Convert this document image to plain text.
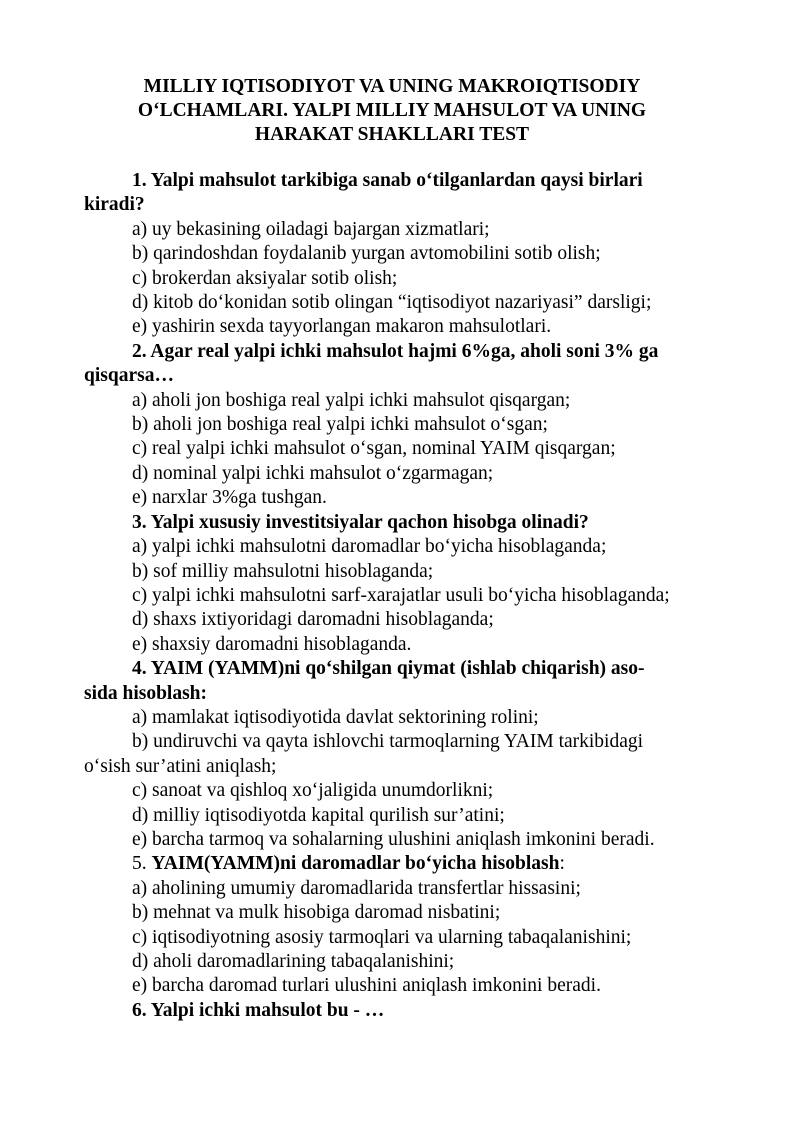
MILLIY IQTISODIYOT VA UNING MAKROIQTISODIY
O‘LCHAMLARI. YALPI MILLIY MAHSULOT VA UNING
HARAKAT SHAKLLARI TEST
1. Yalpi mahsulot tarkibiga sanab o‘tilganlardan qaysi birlari
kiradi?
a) uy bekasining oiladagi bajargan xizmatlari;
b) qarindoshdan foydalanib yurgan avtomobilini sotib olish;
c) brokerdan aksiyalar sotib olish;
d) kitob do‘konidan sotib olingan “iqtisodiyot nazariyasi” darsligi;
e) yashirin sexda tayyorlangan makaron mahsulotlari.
2. Agar real yalpi ichki mahsulot hajmi 6%ga, aholi soni 3% ga
qisqarsa…
a) aholi jon boshiga real yalpi ichki mahsulot qisqargan;
b) aholi jon boshiga real yalpi ichki mahsulot o‘sgan;
c) real yalpi ichki mahsulot o‘sgan, nominal YAIM qisqargan;
d) nominal yalpi ichki mahsulot o‘zgarmagan;
e) narxlar 3%ga tushgan.
3. Yalpi xususiy investitsiyalar qachon hisobga olinadi?
a) yalpi ichki mahsulotni daromadlar bo‘yicha hisoblaganda;
b) sof milliy mahsulotni hisoblaganda;
c) yalpi ichki mahsulotni sarf-xarajatlar usuli bo‘yicha hisoblaganda;
d) shaxs ixtiyoridagi daromadni hisoblaganda;
e) shaxsiy daromadni hisoblaganda.
4. YAIM (YAMM)ni qo‘shilgan qiymat (ishlab chiqarish) aso-
sida hisoblash:
a) mamlakat iqtisodiyotida davlat sektorining rolini;
b) undiruvchi va qayta ishlovchi tarmoqlarning YAIM tarkibidagi
o‘sish sur’atini aniqlash;
c) sanoat va qishloq xo‘jaligida unumdorlikni;
d) milliy iqtisodiyotda kapital qurilish sur’atini;
e) barcha tarmoq va sohalarning ulushini aniqlash imkonini beradi.
5. YAIM(YAMM)ni daromadlar bo‘yicha hisoblash:
a) aholining umumiy daromadlarida transfertlar hissasini;
b) mehnat va mulk hisobiga daromad nisbatini;
c) iqtisodiyotning asosiy tarmoqlari va ularning tabaqalanishini;
d) aholi daromadlarining tabaqalanishini;
e) barcha daromad turlari ulushini aniqlash imkonini beradi.
6. Yalpi ichki mahsulot bu - …
